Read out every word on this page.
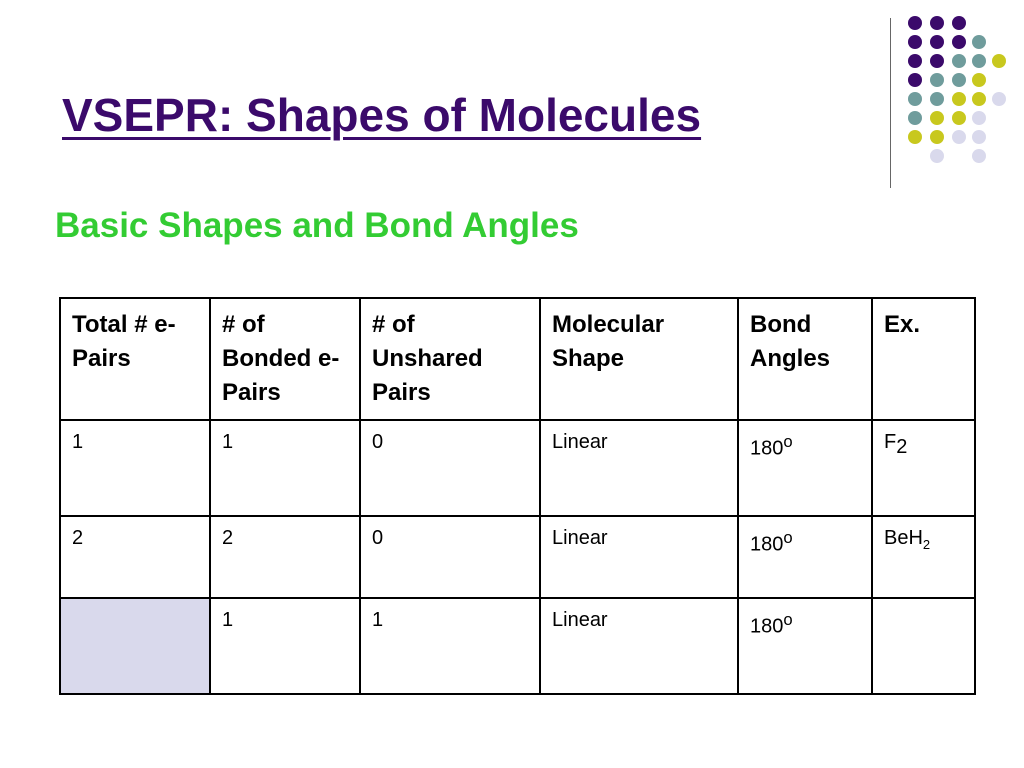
VSEPR: Shapes of Molecules
Basic Shapes and Bond Angles
Total # e-Pairs	# of Bonded e- Pairs	# of Unshared Pairs	Molecular Shape	Bond Angles	Ex.
1	1	0	Linear	180$^o$	$F_2$
2	2	0	Linear	180$^o$	BeH$_2$
	1	1	Linear	180$^o$	
